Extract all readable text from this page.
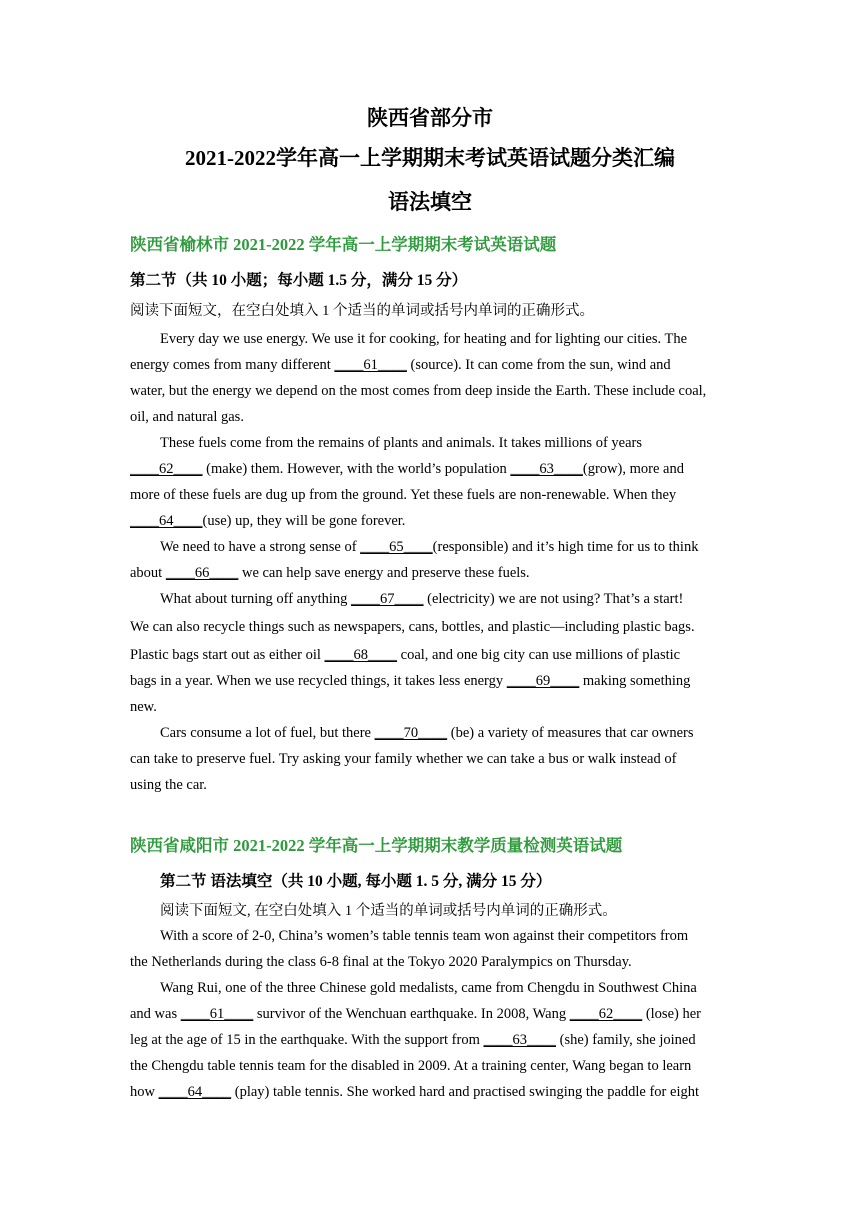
陕西省部分市
2021-2022学年高一上学期期末考试英语试题分类汇编
语法填空
陕西省榆林市 2021-2022 学年高一上学期期末考试英语试题
第二节（共 10 小题；每小题 1.5 分，满分 15 分）
阅读下面短文，在空白处填入 1 个适当的单词或括号内单词的正确形式。
Every day we use energy. We use it for cooking, for heating and for lighting our cities. The
energy comes from many different ____61____ (source). It can come from the sun, wind and
water, but the energy we depend on the most comes from deep inside the Earth. These include coal,
oil, and natural gas.
These fuels come from the remains of plants and animals. It takes millions of years
____62____ (make) them. However, with the world’s population ____63____(grow), more and
more of these fuels are dug up from the ground. Yet these fuels are non-renewable. When they
____64____(use) up, they will be gone forever.
We need to have a strong sense of ____65____(responsible) and it’s high time for us to think
about ____66____ we can help save energy and preserve these fuels.
What about turning off anything ____67____ (electricity) we are not using? That’s a start!
We can also recycle things such as newspapers, cans, bottles, and plastic—including plastic bags.
Plastic bags start out as either oil ____68____ coal, and one big city can use millions of plastic
bags in a year. When we use recycled things, it takes less energy ____69____ making something
new.
Cars consume a lot of fuel, but there ____70____ (be) a variety of measures that car owners
can take to preserve fuel. Try asking your family whether we can take a bus or walk instead of
using the car.
陕西省咸阳市 2021-2022 学年高一上学期期末教学质量检测英语试题
第二节 语法填空（共 10 小题, 每小题 1. 5 分, 满分 15 分）
阅读下面短文, 在空白处填入 1 个适当的单词或括号内单词的正确形式。
With a score of 2-0, China’s women’s table tennis team won against their competitors from
the Netherlands during the class 6-8 final at the Tokyo 2020 Paralympics on Thursday.
Wang Rui, one of the three Chinese gold medalists, came from Chengdu in Southwest China
and was ____61____ survivor of the Wenchuan earthquake. In 2008, Wang ____62____ (lose) her
leg at the age of 15 in the earthquake. With the support from ____63____ (she) family, she joined
the Chengdu table tennis team for the disabled in 2009. At a training center, Wang began to learn
how ____64____ (play) table tennis. She worked hard and practised swinging the paddle for eight
